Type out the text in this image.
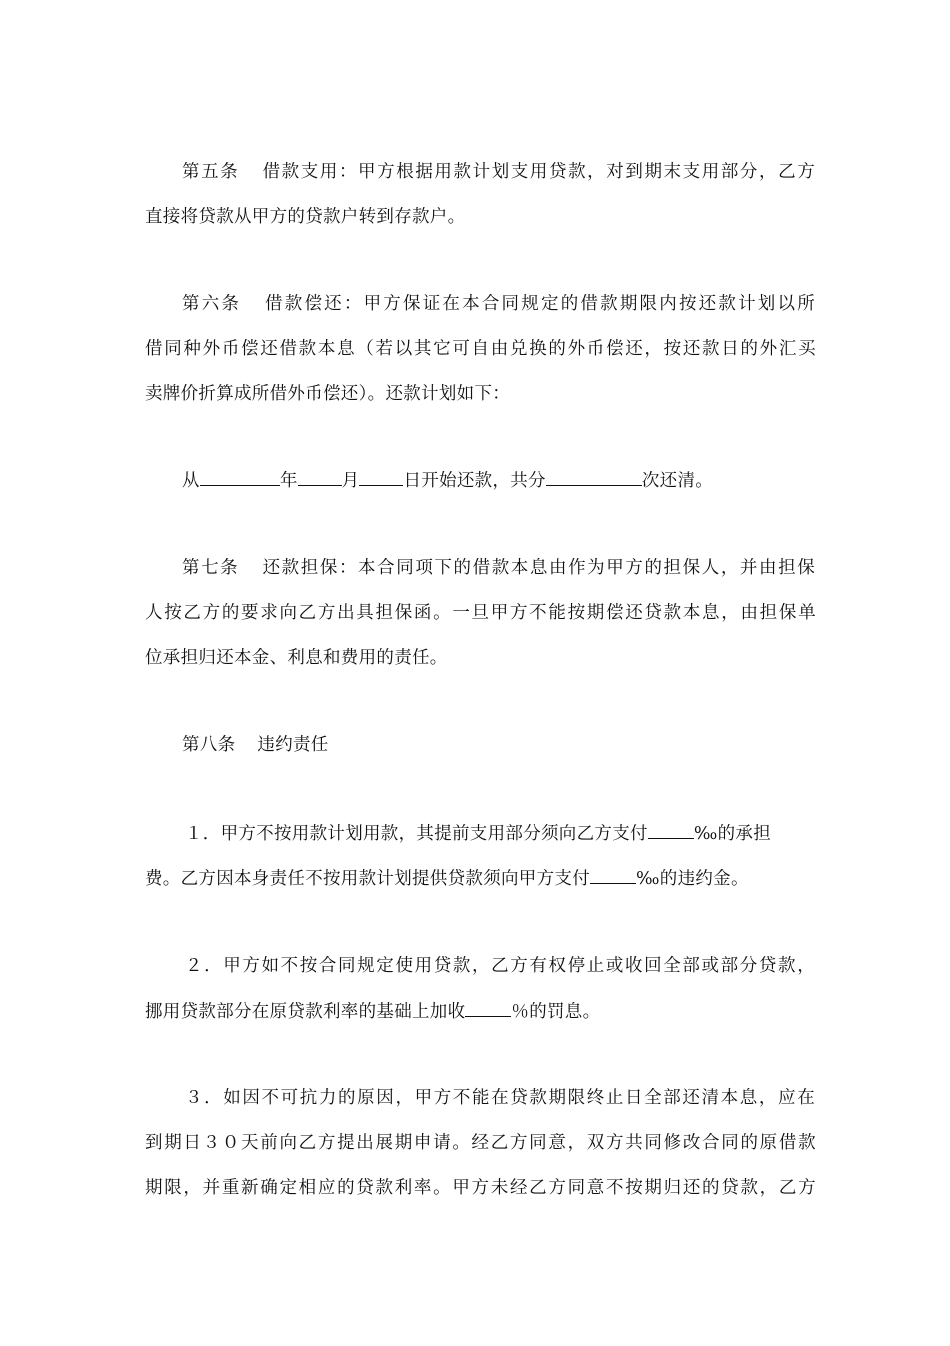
第五条 借款支用：甲方根据用款计划支用贷款，对到期末支用部分，乙方
直接将贷款从甲方的贷款户转到存款户。
第六条 借款偿还：甲方保证在本合同规定的借款期限内按还款计划以所
借同种外币偿还借款本息（若以其它可自由兑换的外币偿还，按还款日的外汇买
卖牌价折算成所借外币偿还）。还款计划如下：
从	年	月	日开始还款，共分	次还清。
第七条 还款担保：本合同项下的借款本息由作为甲方的担保人，并由担保
人按乙方的要求向乙方出具担保函。一旦甲方不能按期偿还贷款本息，由担保单
位承担归还本金、利息和费用的责任。
第八条 违约责任
１．甲方不按用款计划用款，其提前支用部分须向乙方支付	‰的承担
费。乙方因本身责任不按用款计划提供贷款须向甲方支付	‰的违约金。
２．甲方如不按合同规定使用贷款，乙方有权停止或收回全部或部分贷款，
挪用贷款部分在原贷款利率的基础上加收	％的罚息。
３．如因不可抗力的原因，甲方不能在贷款期限终止日全部还清本息，应在
到期日３０天前向乙方提出展期申请。经乙方同意，双方共同修改合同的原借款
期限，并重新确定相应的贷款利率。甲方未经乙方同意不按期归还的贷款，乙方
